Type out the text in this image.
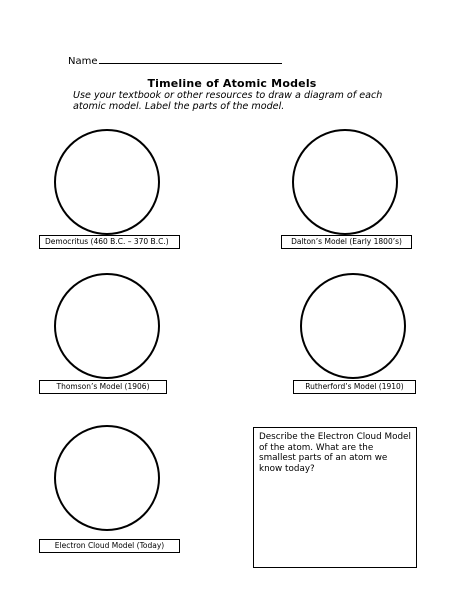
Name
Timeline of Atomic Models
Use your textbook or other resources to draw a diagram of each atomic model. Label the parts of the model.
Democritus (460 B.C. – 370 B.C.)	Dalton’s Model (Early 1800’s)
Thomson’s Model (1906)	Rutherford’s Model (1910)
Electron Cloud Model (Today)
Describe the Electron Cloud Model of the atom. What are the smallest parts of an atom we know today?
